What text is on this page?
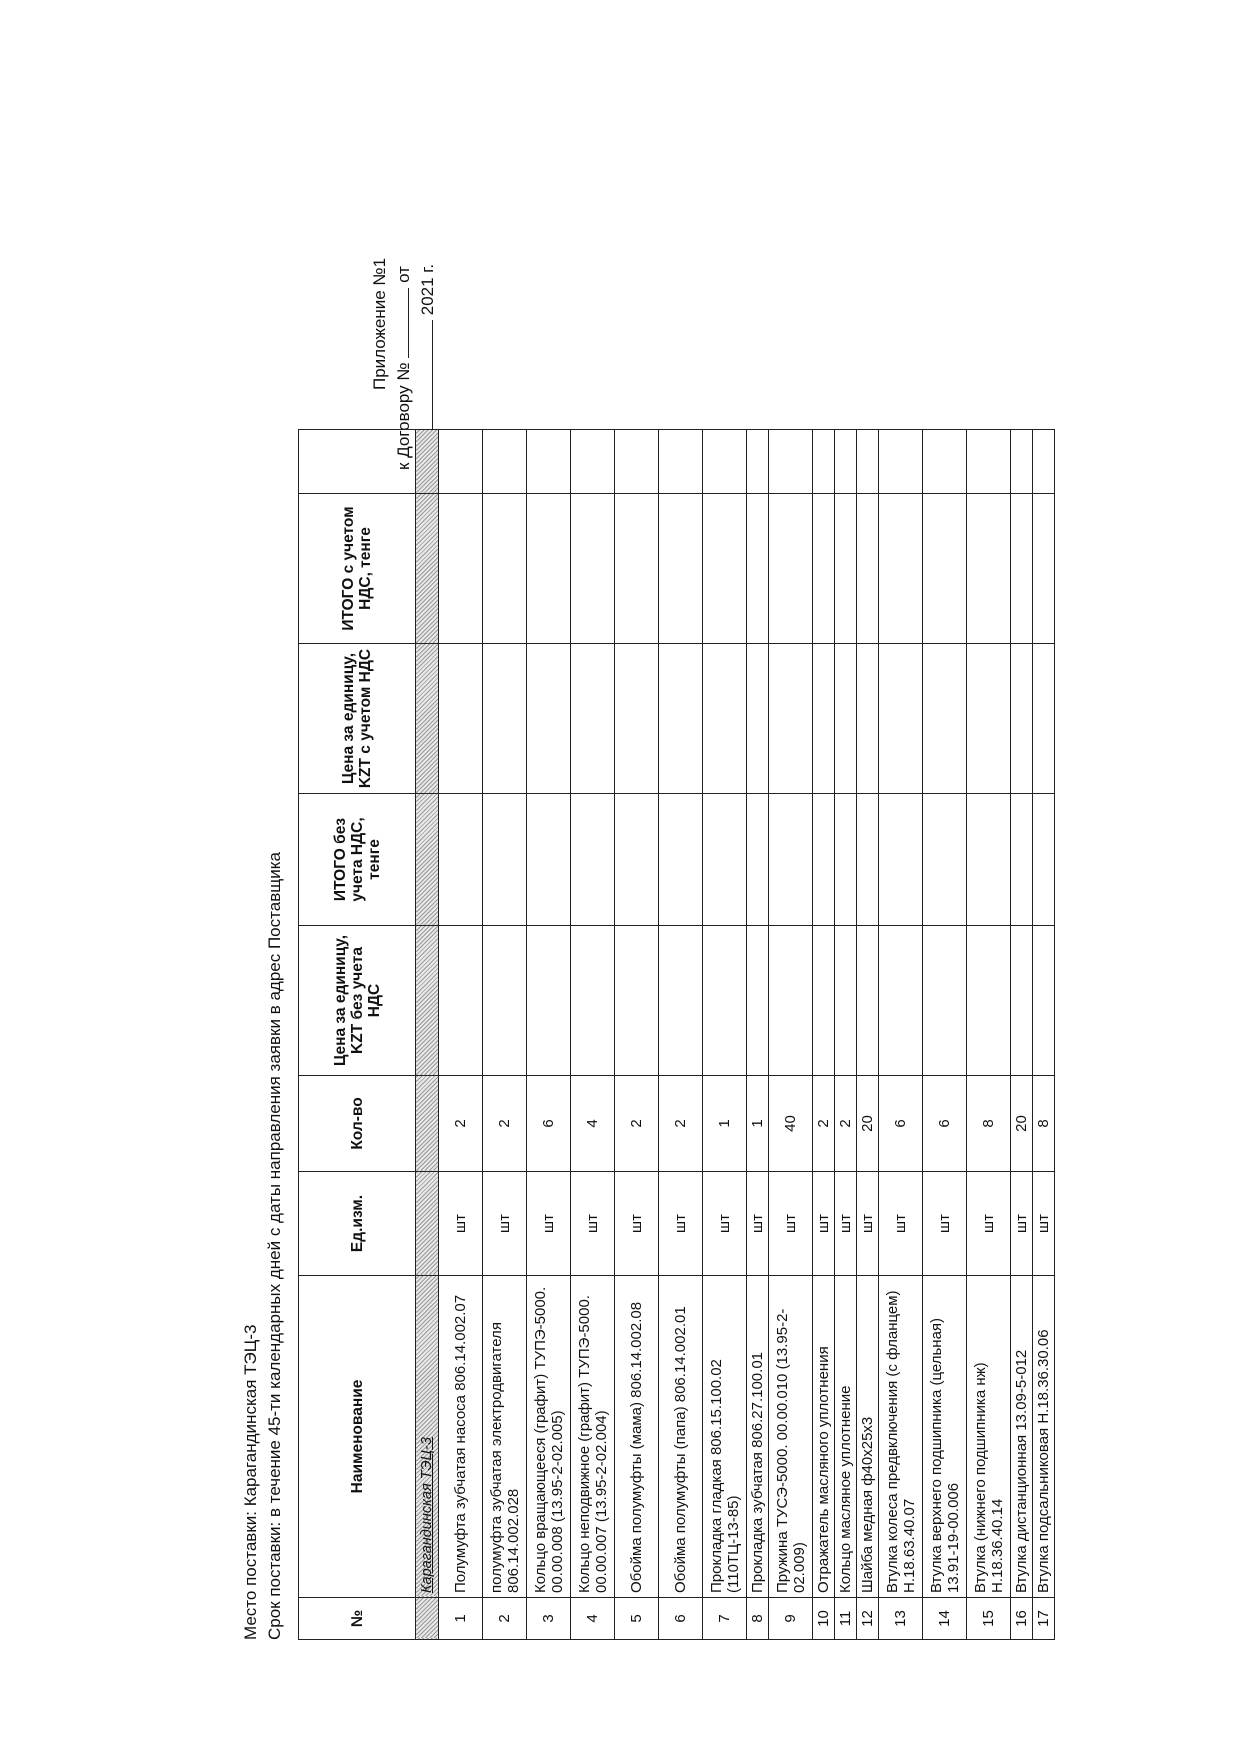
Приложение №1
к Договору №  от 2021 г.
Место поставки: Карагандинская ТЭЦ-3 Срок поставки: в течение 45-ти календарных дней с даты направления заявки в адрес Поставщика	№	Наименование	Ед.изм.	Кол-во	Цена за единицу, KZT без учета НДС	ИТОГО без учета НДС, тенге	Цена за единицу, KZT с учетом НДС	ИТОГО с учетом НДС, тенге	
	Карагандинская ТЭЦ-3							
1	Полумуфта зубчатая насоса 806.14.002.07	шт	2					
2	полумуфта зубчатая электродвигателя 806.14.002.028	шт	2					
3	Кольцо вращающееся (графит) ТУПЭ-5000. 00.00.008 (13.95-2-02.005)	шт	6					
4	Кольцо неподвижное (графит) ТУПЭ-5000. 00.00.007 (13.95-2-02.004)	шт	4					
5	Обойма полумуфты (мама) 806.14.002.08	шт	2					
6	Обойма полумуфты (папа) 806.14.002.01	шт	2					
7	Прокладка гладкая 806.15.100.02 (110ТЦ-13-85)	шт	1					
8	Прокладка зубчатая 806.27.100.01	шт	1					
9	Пружина ТУСЭ-5000. 00.00.010 (13.95-2-02.009)	шт	40					
10	Отражатель масляного уплотнения	шт	2					
11	Кольцо масляное уплотнение	шт	2					
12	Шайба медная ф40х25х3	шт	20					
13	Втулка колеса предвключения (с фланцем) Н.18.63.40.07	шт	6					
14	Втулка верхнего подшипника (цельная) 13.91-19-00.006	шт	6					
15	Втулка (нижнего подшипника нж) Н.18.36.40.14	шт	8					
16	Втулка дистанционная 13.09-5-012	шт	20					
17	Втулка подсальниковая Н.18.36.30.06	шт	8					
